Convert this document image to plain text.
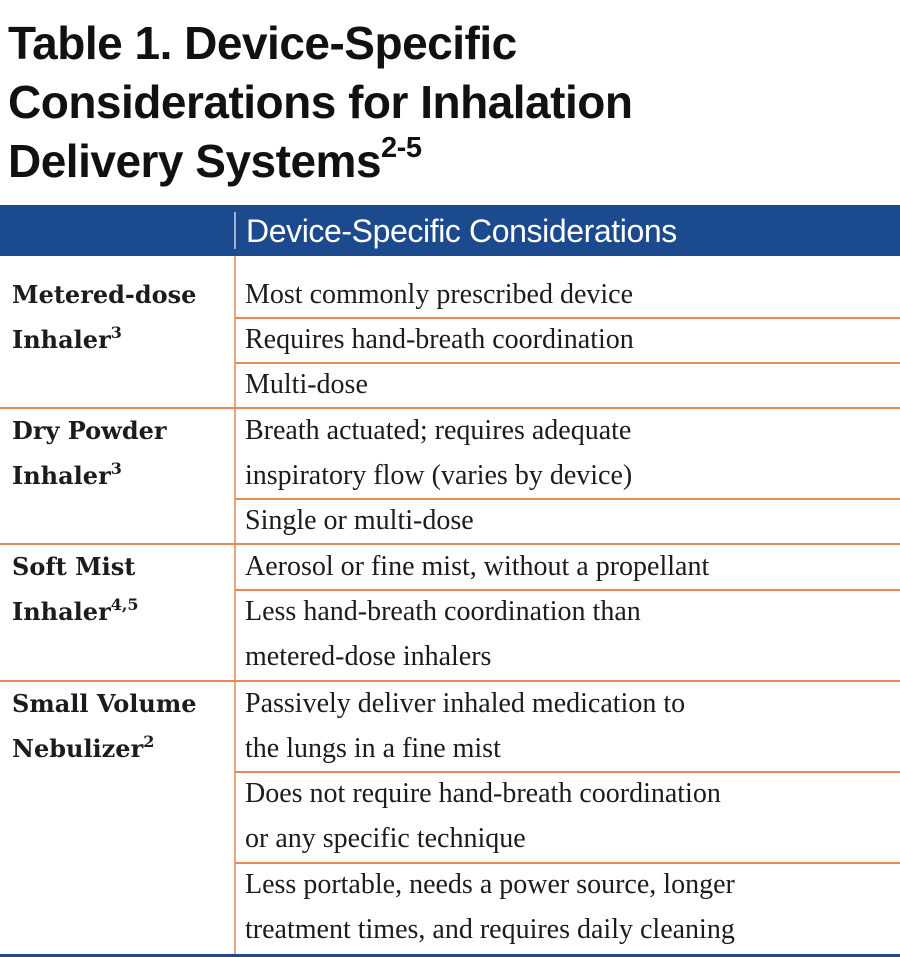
Table 1. Device-Specific
Considerations for Inhalation
Delivery Systems$^{2-5}$
Device-Specific Considerations
Metered-dose
Inhaler$^3$
Most commonly prescribed device
Requires hand-breath coordination
Multi-dose
Dry Powder
Inhaler$^3$
Breath actuated; requires adequate
inspiratory flow (varies by device)
Single or multi-dose
Soft Mist
Inhaler$^{4,5}$
Aerosol or fine mist, without a propellant
Less hand-breath coordination than
metered-dose inhalers
Small Volume
Nebulizer$^2$
Passively deliver inhaled medication to
the lungs in a fine mist
Does not require hand-breath coordination
or any specific technique
Less portable, needs a power source, longer
treatment times, and requires daily cleaning
